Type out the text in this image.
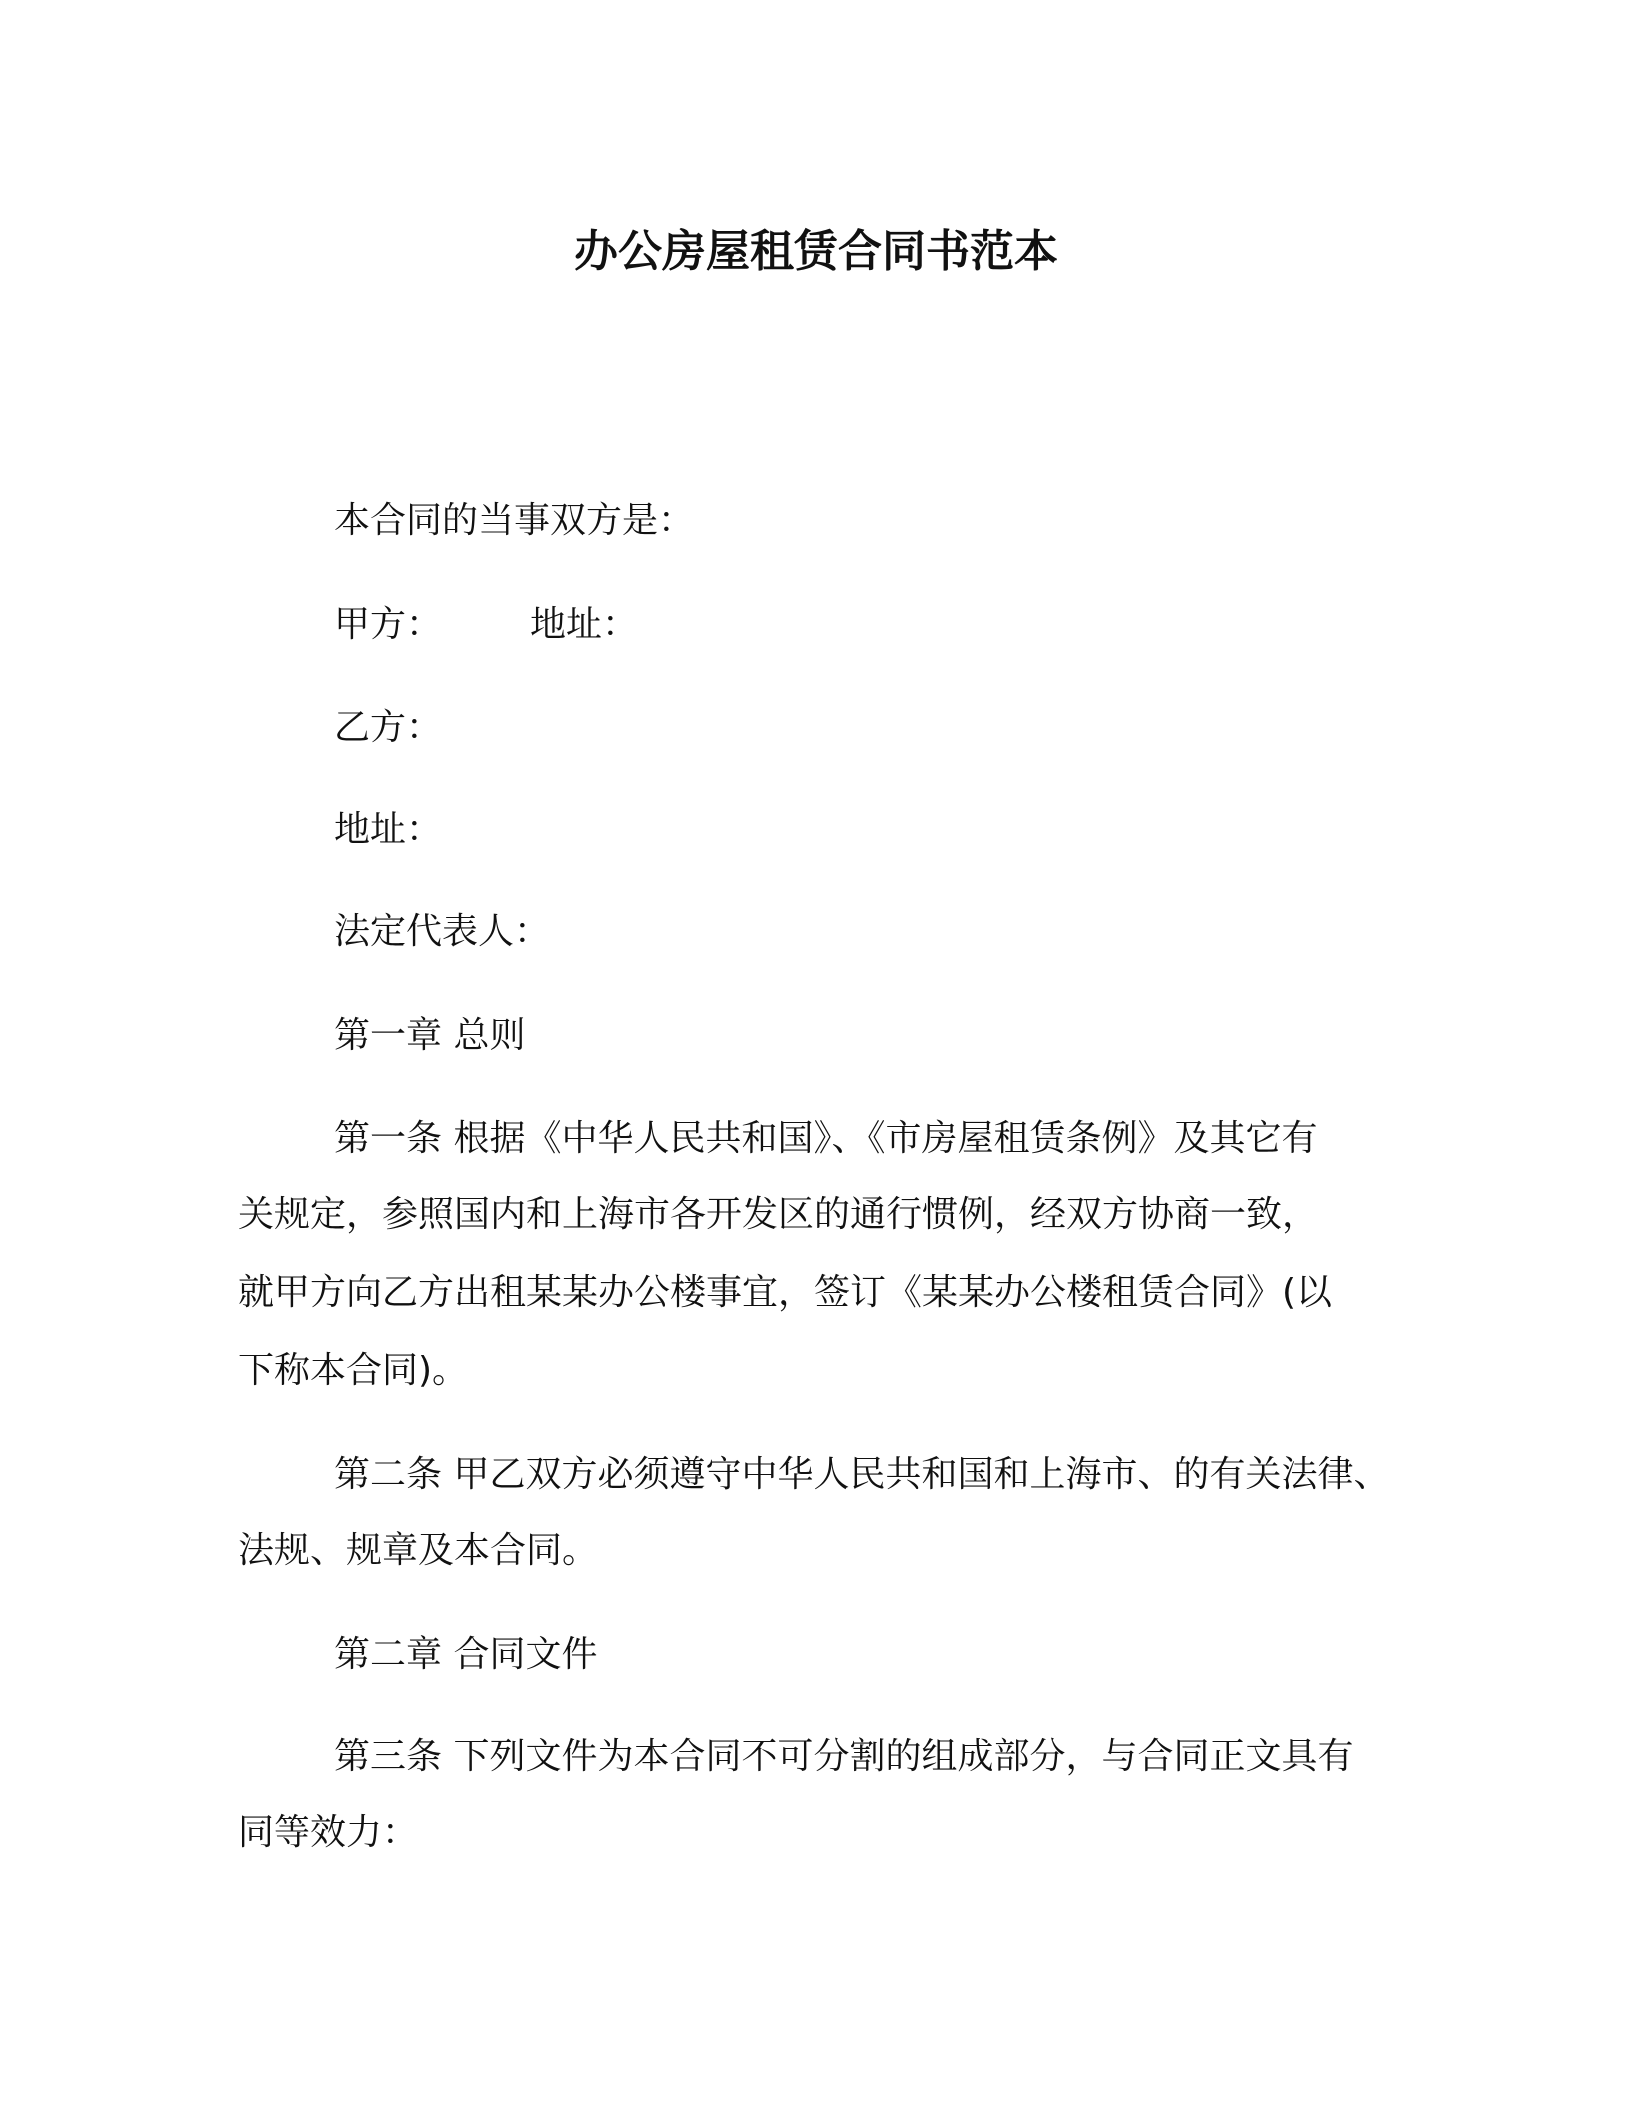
办公房屋租赁合同书范本
本合同的当事双方是：
甲方： 地址：
乙方：
地址：
法定代表人：
第一章 总则
第一条 根据《中华人民共和国》、《市房屋租赁条例》及其它有
关规定，参照国内和上海市各开发区的通行惯例，经双方协商一致，
就甲方向乙方出租某某办公楼事宜，签订《某某办公楼租赁合同》(以
下称本合同)。
第二条 甲乙双方必须遵守中华人民共和国和上海市、的有关法律、
法规、规章及本合同。
第二章 合同文件
第三条 下列文件为本合同不可分割的组成部分，与合同正文具有
同等效力：
